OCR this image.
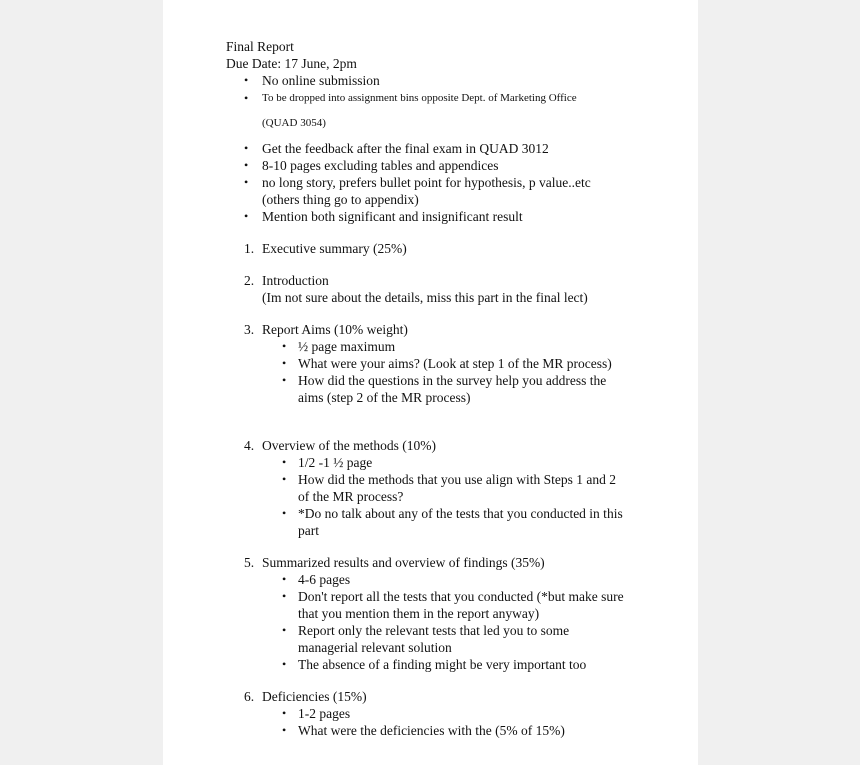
Final Report
Due Date: 17 June, 2pm
• No online submission
• To be dropped into assignment bins opposite Dept. of Marketing Office
(QUAD 3054)
• Get the feedback after the final exam in QUAD 3012
• 8-10 pages excluding tables and appendices
• no long story, prefers bullet point for hypothesis, p value..etc
(others thing go to appendix)
• Mention both significant and insignificant result
1. Executive summary (25%)
2. Introduction
(Im not sure about the details, miss this part in the final lect)
3. Report Aims (10% weight)
• ½ page maximum
• What were your aims? (Look at step 1 of the MR process)
• How did the questions in the survey help you address the
aims (step 2 of the MR process)
4. Overview of the methods (10%)
• 1/2 -1 ½ page
• How did the methods that you use align with Steps 1 and 2
of the MR process?
• *Do no talk about any of the tests that you conducted in this
part
5. Summarized results and overview of findings (35%)
• 4-6 pages
• Don't report all the tests that you conducted (*but make sure
that you mention them in the report anyway)
• Report only the relevant tests that led you to some
managerial relevant solution
• The absence of a finding might be very important too
6. Deficiencies (15%)
• 1-2 pages
• What were the deficiencies with the (5% of 15%)
